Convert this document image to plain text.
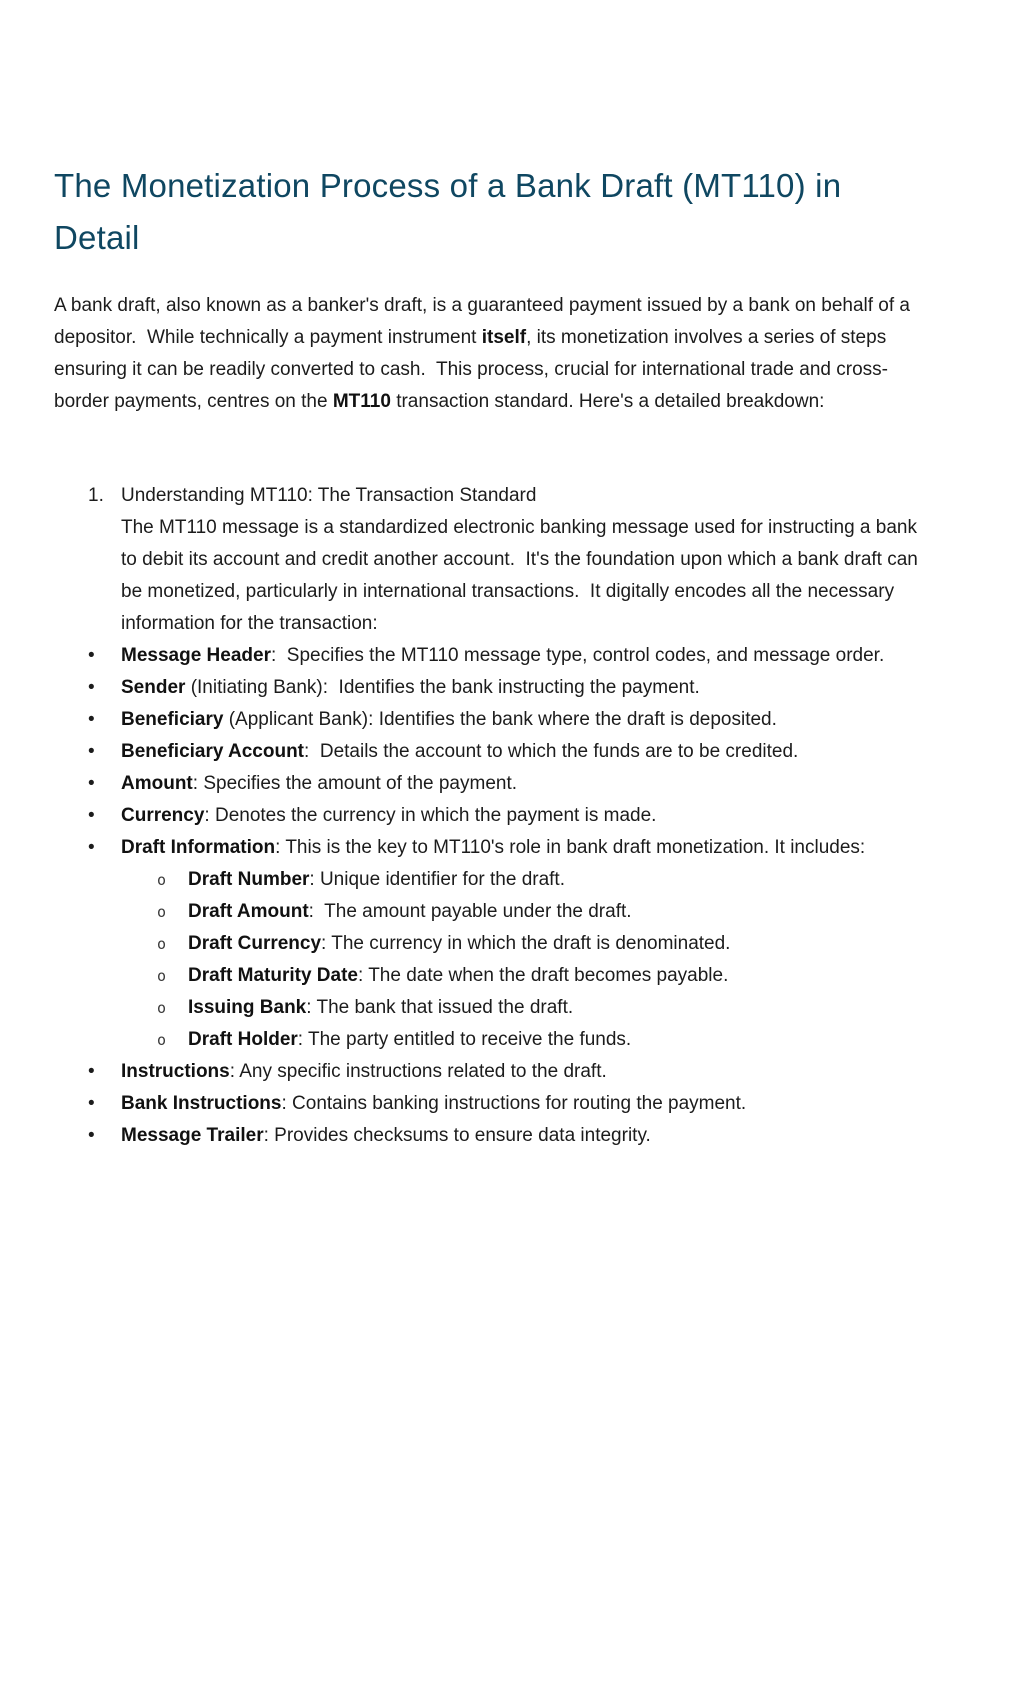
The Monetization Process of a Bank Draft (MT110) in Detail

A bank draft, also known as a banker's draft, is a guaranteed payment issued by a bank on behalf of a depositor.  While technically a payment instrument itself, its monetization involves a series of steps ensuring it can be readily converted to cash.  This process, crucial for international trade and cross-border payments, centres on the MT110 transaction standard. Here's a detailed breakdown:

1. Understanding MT110: The Transaction Standard
The MT110 message is a standardized electronic banking message used for instructing a bank to debit its account and credit another account.  It's the foundation upon which a bank draft can be monetized, particularly in international transactions.  It digitally encodes all the necessary information for the transaction:
•	Message Header:  Specifies the MT110 message type, control codes, and message order.
•	Sender (Initiating Bank):  Identifies the bank instructing the payment.
•	Beneficiary (Applicant Bank): Identifies the bank where the draft is deposited.
•	Beneficiary Account:  Details the account to which the funds are to be credited.
•	Amount: Specifies the amount of the payment.
•	Currency: Denotes the currency in which the payment is made.
•	Draft Information: This is the key to MT110's role in bank draft monetization. It includes:
o	Draft Number: Unique identifier for the draft.
o	Draft Amount:  The amount payable under the draft.
o	Draft Currency: The currency in which the draft is denominated.
o	Draft Maturity Date: The date when the draft becomes payable.
o	Issuing Bank: The bank that issued the draft.
o	Draft Holder: The party entitled to receive the funds.
•	Instructions: Any specific instructions related to the draft.
•	Bank Instructions: Contains banking instructions for routing the payment.
•	Message Trailer: Provides checksums to ensure data integrity.
